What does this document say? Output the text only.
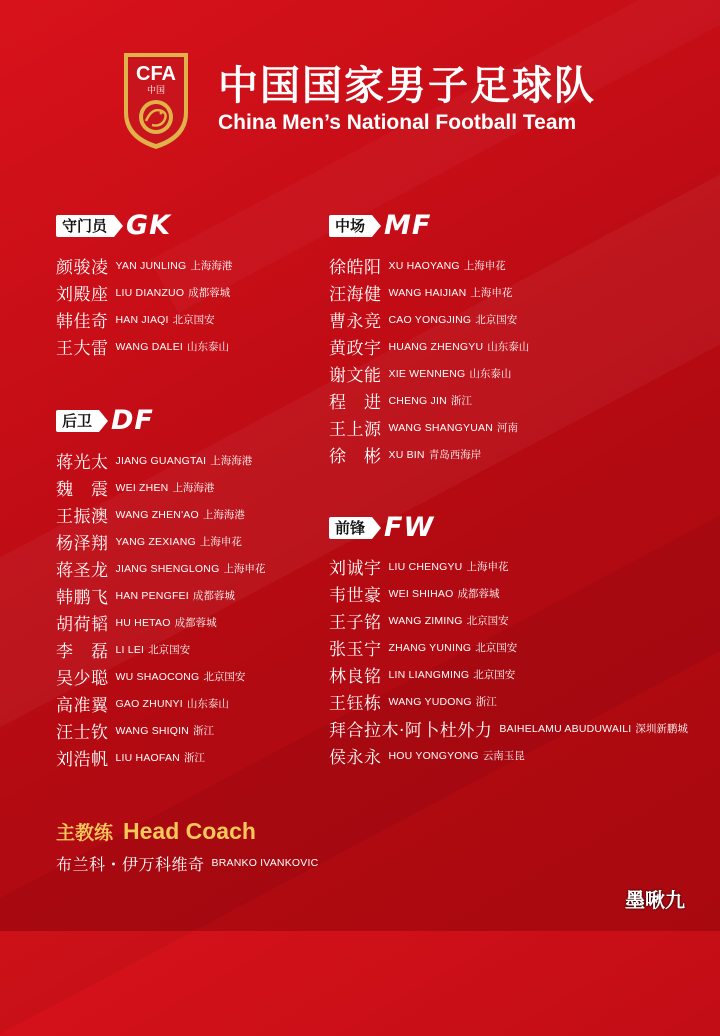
CFA
中国 中国国家男子足球队
China Men’s National Football Team
守门员 GK
颜骏凌 YAN JUNLING 上海海港
刘殿座 LIU DIANZUO 成都蓉城
韩佳奇 HAN JIAQI 北京国安
王大雷 WANG DALEI 山东泰山
后卫 DF
蒋光太 JIANG GUANGTAI 上海海港
魏　震 WEI ZHEN 上海海港
王振澳 WANG ZHEN'AO 上海海港
杨泽翔 YANG ZEXIANG 上海申花
蒋圣龙 JIANG SHENGLONG 上海申花
韩鹏飞 HAN PENGFEI 成都蓉城
胡荷韬 HU HETAO 成都蓉城
李　磊 LI LEI 北京国安
吴少聪 WU SHAOCONG 北京国安
高准翼 GAO ZHUNYI 山东泰山
汪士钦 WANG SHIQIN 浙江
刘浩帆 LIU HAOFAN 浙江
中场 MF
徐皓阳 XU HAOYANG 上海申花
汪海健 WANG HAIJIAN 上海申花
曹永竞 CAO YONGJING 北京国安
黄政宇 HUANG ZHENGYU 山东泰山
谢文能 XIE WENNENG 山东泰山
程　进 CHENG JIN 浙江
王上源 WANG SHANGYUAN 河南
徐　彬 XU BIN 青岛西海岸
前锋 FW
刘诚宇 LIU CHENGYU 上海申花
韦世豪 WEI SHIHAO 成都蓉城
王子铭 WANG ZIMING 北京国安
张玉宁 ZHANG YUNING 北京国安
林良铭 LIN LIANGMING 北京国安
王钰栋 WANG YUDONG 浙江
拜合拉木·阿卜杜外力 BAIHELAMU ABUDUWAILI 深圳新鹏城
侯永永 HOU YONGYONG 云南玉昆
主教练 Head Coach
布兰科・伊万科维奇 BRANKO IVANKOVIC
墨啾九
